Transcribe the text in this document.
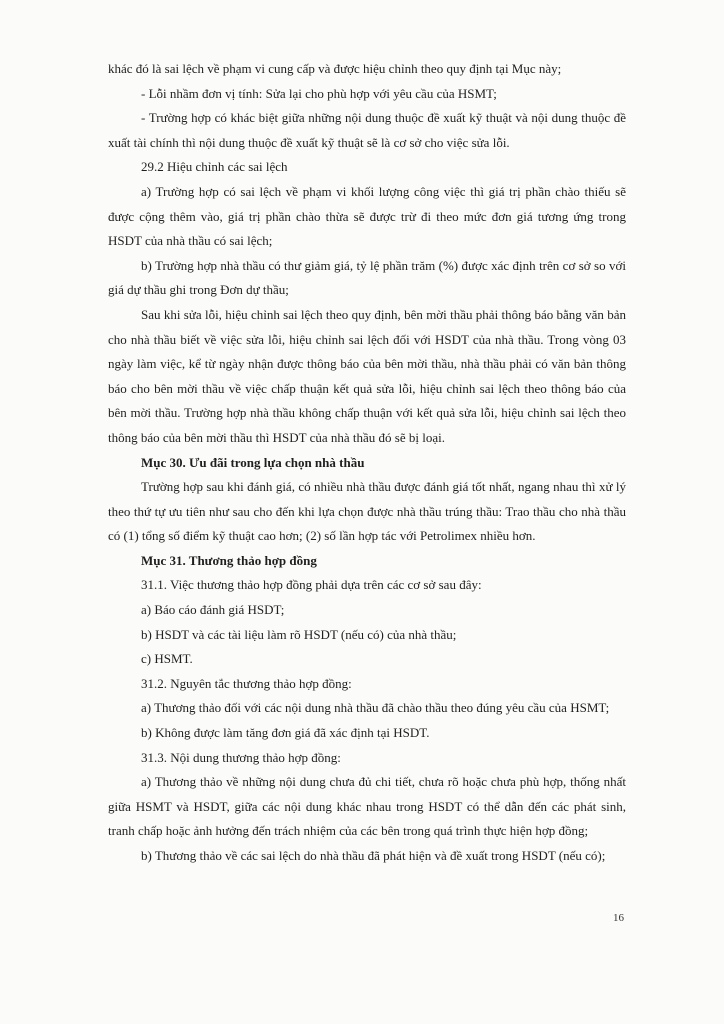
khác đó là sai lệch về phạm vi cung cấp và được hiệu chỉnh theo quy định tại Mục này;

- Lỗi nhầm đơn vị tính: Sửa lại cho phù hợp với yêu cầu của HSMT;

- Trường hợp có khác biệt giữa những nội dung thuộc đề xuất kỹ thuật và nội dung thuộc đề xuất tài chính thì nội dung thuộc đề xuất kỹ thuật sẽ là cơ sở cho việc sửa lỗi.

29.2 Hiệu chỉnh các sai lệch

a) Trường hợp có sai lệch về phạm vi khối lượng công việc thì giá trị phần chào thiếu sẽ được cộng thêm vào, giá trị phần chào thừa sẽ được trừ đi theo mức đơn giá tương ứng trong HSDT của nhà thầu có sai lệch;

b) Trường hợp nhà thầu có thư giảm giá, tỷ lệ phần trăm (%) được xác định trên cơ sở so với giá dự thầu ghi trong Đơn dự thầu;

Sau khi sửa lỗi, hiệu chỉnh sai lệch theo quy định, bên mời thầu phải thông báo bằng văn bản cho nhà thầu biết về việc sửa lỗi, hiệu chỉnh sai lệch đối với HSDT của nhà thầu. Trong vòng 03 ngày làm việc, kể từ ngày nhận được thông báo của bên mời thầu, nhà thầu phải có văn bản thông báo cho bên mời thầu về việc chấp thuận kết quả sửa lỗi, hiệu chỉnh sai lệch theo thông báo của bên mời thầu. Trường hợp nhà thầu không chấp thuận với kết quả sửa lỗi, hiệu chỉnh sai lệch theo thông báo của bên mời thầu thì HSDT của nhà thầu đó sẽ bị loại.

Mục 30. Ưu đãi trong lựa chọn nhà thầu

Trường hợp sau khi đánh giá, có nhiều nhà thầu được đánh giá tốt nhất, ngang nhau thì xử lý theo thứ tự ưu tiên như sau cho đến khi lựa chọn được nhà thầu trúng thầu: Trao thầu cho nhà thầu có (1) tổng số điểm kỹ thuật cao hơn; (2) số lần hợp tác với Petrolimex nhiều hơn.

Mục 31. Thương thảo hợp đồng

31.1. Việc thương thảo hợp đồng phải dựa trên các cơ sở sau đây:

a) Báo cáo đánh giá HSDT;

b) HSDT và các tài liệu làm rõ HSDT (nếu có) của nhà thầu;

c) HSMT.

31.2. Nguyên tắc thương thảo hợp đồng:

a) Thương thảo đối với các nội dung nhà thầu đã chào thầu theo đúng yêu cầu của HSMT;

b) Không được làm tăng đơn giá đã xác định tại HSDT.

31.3. Nội dung thương thảo hợp đồng:

a) Thương thảo về những nội dung chưa đủ chi tiết, chưa rõ hoặc chưa phù hợp, thống nhất giữa HSMT và HSDT, giữa các nội dung khác nhau trong HSDT có thể dẫn đến các phát sinh, tranh chấp hoặc ảnh hưởng đến trách nhiệm của các bên trong quá trình thực hiện hợp đồng;

b) Thương thảo về các sai lệch do nhà thầu đã phát hiện và đề xuất trong HSDT (nếu có);

16
